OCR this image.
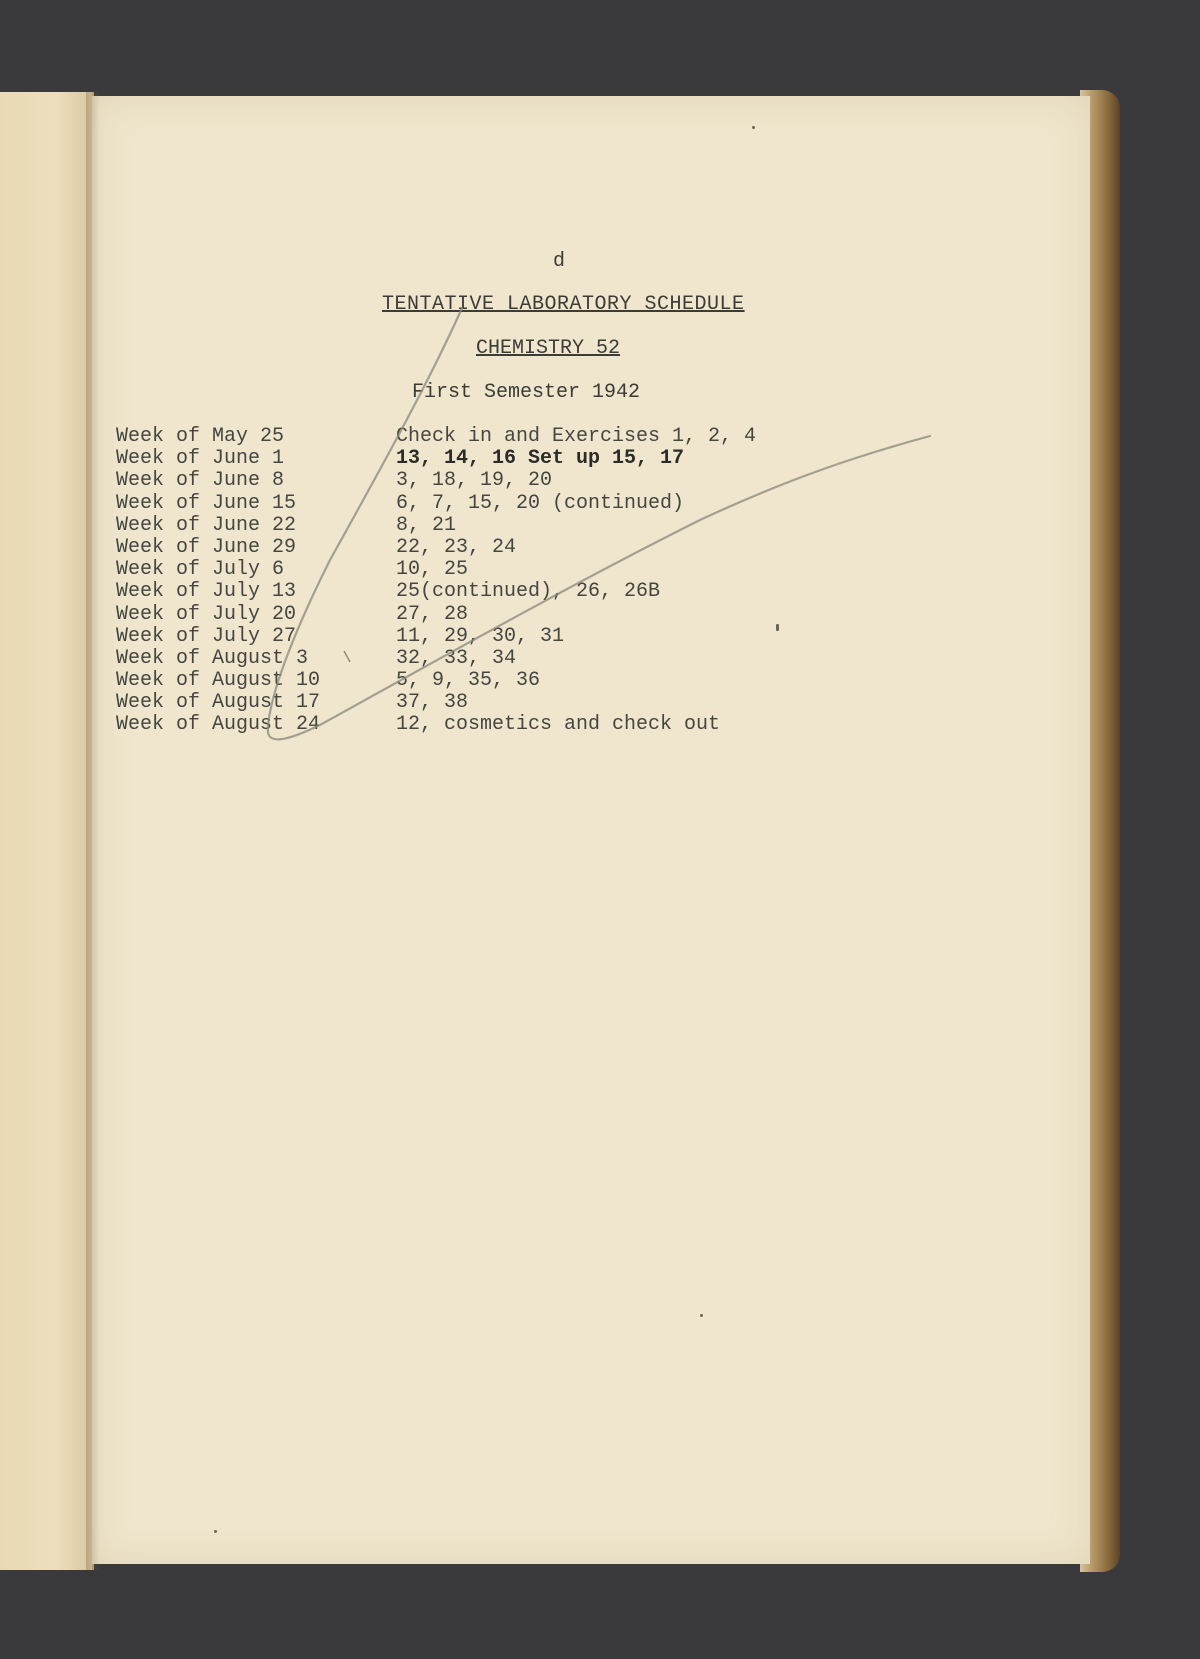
d
TENTATIVE LABORATORY SCHEDULE
CHEMISTRY 52
First Semester 1942
Week of May 25	Check in and Exercises 1, 2, 4
Week of June 1	13, 14, 16 Set up 15, 17
Week of June 8	3, 18, 19, 20
Week of June 15	6, 7, 15, 20 (continued)
Week of June 22	8, 21
Week of June 29	22, 23, 24
Week of July 6	10, 25
Week of July 13	25(continued), 26, 26B
Week of July 20	27, 28
Week of July 27	11, 29, 30, 31
Week of August 3	32, 33, 34
Week of August 10	5, 9, 35, 36
Week of August 17	37, 38
Week of August 24	12, cosmetics and check out
